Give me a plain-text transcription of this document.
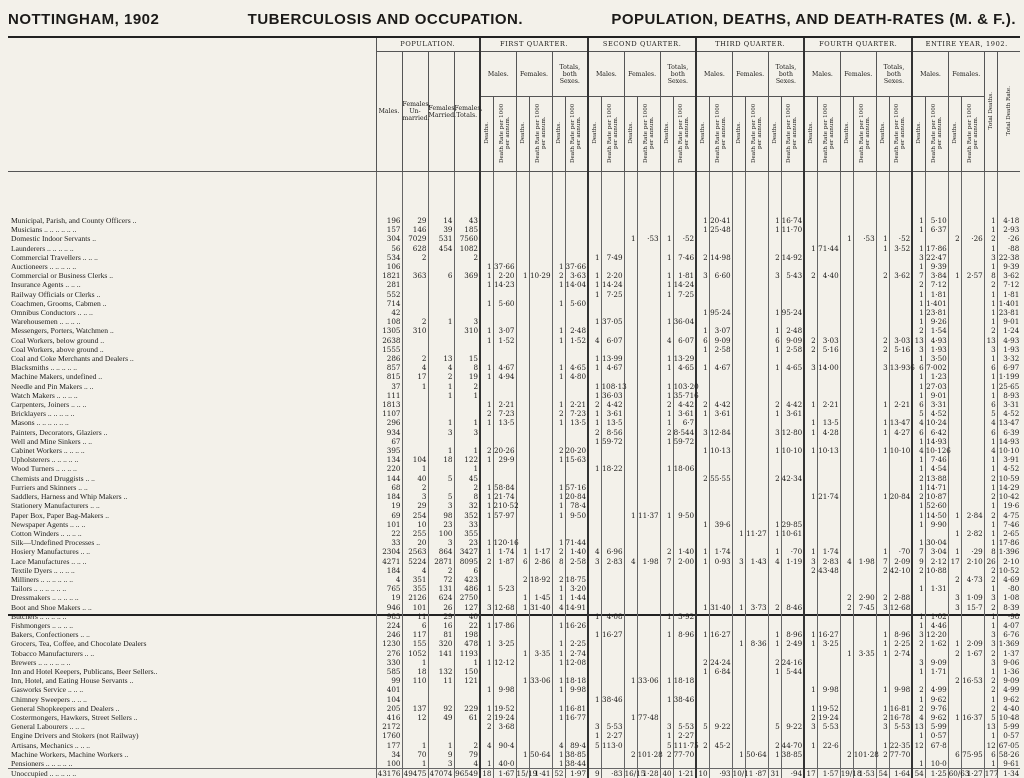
NOTTINGHAM, 1902	TUBERCULOSIS AND OCCUPATION.	POPULATION, DEATHS, AND DEATH-RATES (M. & F.).
	POPULATION.				FIRST QUARTER.						SECOND QUARTER.						THIRD QUARTER.						FOURTH QUARTER.						ENTIRE YEAR, 1902.					
	Males.	Females, Un-married.	Females, Married.	Females, Totals.	Males.		Females.		Totals, both Sexes.		Males.		Females.		Totals, both Sexes.		Males.		Females.		Totals, both Sexes.		Males.		Females.		Totals, both Sexes.		Males.		Females.		Total Deaths.	Total Death Rate.
					Deaths.	Death Rate per 1000 per annum.	Deaths.	Death Rate per 1000 per annum.	Deaths.	Death Rate per 1000 per annum.	Deaths.	Death Rate per 1000 per annum.	Deaths.	Death Rate per 1000 per annum.	Deaths.	Death Rate per 1000 per annum.	Deaths.	Death Rate per 1000 per annum.	Deaths.	Death Rate per 1000 per annum.	Deaths.	Death Rate per 1000 per annum.	Deaths.	Death Rate per 1000 per annum.	Deaths.	Death Rate per 1000 per annum.	Deaths.	Death Rate per 1000 per annum.	Deaths.	Death Rate per 1000 per annum.	Deaths.	Death Rate per 1000 per annum.		
Municipal, Parish, and County Officers ..	196	29	14	43													1	20·41			1	16·74							1	5·10			1	4·18
Musicians .. .. .. .. .. ..	157	146	39	185													1	25·48			1	11·70							1	6·37			1	2·93
Domestic Indoor Servants ..	304	7029	531	7560									1	·53	1	·52									1	·53	1	·52			2	·26	2	·26
Launderers .. .. .. .. ..	56	628	454	1082																			1	71·44			1	3·52	1	17·86			1	·88
Commercial Travellers .. .. ..	534	2		2							1	7·49			1	7·46	2	14·98			2	14·92							3	22·47			3	22·38
Auctioneers .. .. .. .. ..	106				1	37·66			1	37·66																			1	9·39			1	9·39
Commercial or Business Clerks ..	1821	363	6	369	1	2·20	1	10·29	2	3·63	1	2·20			1	1·81	3	6·60			3	5·43	2	4·40			2	3·62	7	3·84	1	2·57	8	3·62
Insurance Agents .. .. ..	281				1	14·23			1	14·04	1	14·24			1	14·24													2	7·12			2	7·12
Railway Officials or Clerks ..	552										1	7·25			1	7·25													1	1·81			1	1·81
Coachmen, Grooms, Cabmen ..	714				1	5·60			1	5·60																			1	1·401			1	1·401
Omnibus Conductors .. .. ..	42																1	95·24			1	95·24							1	23·81			1	23·81
Warehousemen .. .. .. ..	108	2	1	3							1	37·05			1	36·04													1	9·26			1	9·01
Messengers, Porters, Watchmen ..	1305	310		310	1	3·07			1	2·48							1	3·07			1	2·48							2	1·54			2	1·24
Coal Workers, below ground ..	2638				1	1·52			1	1·52	4	6·07			4	6·07	6	9·09			6	9·09	2	3·03			2	3·03	13	4·93			13	4·93
Coal Workers, above ground ..	1555																1	2·58			1	2·58	2	5·16			2	5·16	3	1·93			3	1·93
Coal and Coke Merchants and Dealers ..	286	2	13	15							1	13·99			1	13·29													1	3·50			1	3·32
Blacksmiths .. .. .. .. ..	857	4	4	8	1	4·67			1	4·65	1	4·67			1	4·65	1	4·67			1	4·65	3	14·00			3	13·936	6	7·002			6	6·97
Machine Makers, undefined ..	815	17	2	19	1	4·94			1	4·80																			1	1·23			1	1·199
Needle and Pin Makers .. ..	37	1	1	2							1	108·13			1	103·20													1	27·03			1	25·65
Watch Makers .. .. .. ..	111		1	1							1	36·03			1	35·716													1	9·01			1	8·93
Carpenters, Joiners .. .. ..	1813				1	2·21			1	2·21	2	4·42			2	4·42	2	4·42			2	4·42	1	2·21			1	2·21	6	3·31			6	3·31
Bricklayers .. .. .. .. ..	1107				2	7·23			2	7·23	1	3·61			1	3·61	1	3·61			1	3·61							5	4·52			5	4·52
Masons .. .. .. .. .. ..	296		1	1	1	13·5			1	13·5	1	13·5			1	6·7							1	13·5			1	13·47	4	10·24			4	13·47
Painters, Decorators, Glaziers ..	934		3	3							2	8·56			2	8·544	3	12·84			3	12·80	1	4·28			1	4·27	6	6·42			6	6·39
Well and Mine Sinkers .. ..	67										1	59·72			1	59·72													1	14·93			1	14·93
Cabinet Workers .. .. .. ..	395		1	1	2	20·26			2	20·20							1	10·13			1	10·10	1	10·13			1	10·10	4	10·126			4	10·10
Upholsterers .. .. .. .. ..	134	104	18	122	1	29·9			1	15·63																			1	7·46			1	3·91
Wood Turners .. .. .. ..	220	1		1							1	18·22			1	18·06													1	4·54			1	4·52
Chemists and Druggists .. ..	144	40	5	45													2	55·55			2	42·34							2	13·88			2	10·59
Furriers and Skinners .. ..	68	2		2	1	58·84			1	57·16																			1	14·71			1	14·29
Saddlers, Harness and Whip Makers ..	184	3	5	8	1	21·74			1	20·84													1	21·74			1	20·84	2	10·87			2	10·42
Stationery Manufacturers .. ..	19	29	3	32	1	210·52			1	78·4																			1	52·60			1	19·6
Paper Box, Paper Bag-Makers ..	69	254	98	352	1	57·97			1	9·50			1	11·37	1	9·50													1	14·50	1	2·84	2	4·75
Newspaper Agents .. .. ..	101	10	23	33													1	39·6			1	29·85							1	9·90			1	7·46
Cotton Winders .. .. .. ..	22	255	100	355															1	11·27	1	10·61									1	2·82	1	2·65
Silk—Undefined Processes ..	33	20	3	23	1	120·16			1	71·44																			1	30·04			1	17·86
Hosiery Manufactures .. ..	2304	2563	864	3427	1	1·74	1	1·17	2	1·40	4	6·96			2	1·40	1	1·74			1	·70	1	1·74			1	·70	7	3·04	1	·29	8	1·396
Lace Manufactures .. .. ..	4271	5224	2871	8095	2	1·87	6	2·86	8	2·58	3	2·83	4	1·98	7	2·00	1	0·93	3	1·43	4	1·19	3	2·83	4	1·98	7	2·09	9	2·12	17	2·10	26	2·10
Textile Dyers .. .. .. ..	184	4	2	6																			2	43·48			2	42·10	2	10·88			2	10·52
Milliners .. .. .. .. .. ..	4	351	72	423			2	18·92	2	18·75																					2	4·73	2	4·69
Tailors .. .. .. .. .. ..	765	355	131	486	1	5·23			1	3·20																			1	1·31			1	·80
Dressmakers .. .. .. .. ..	19	2126	624	2750			1	1·45	1	1·44															2	2·90	2	2·88			3	1·09	3	1·08
Boot and Shoe Makers .. ..	946	101	26	127	3	12·68	1	31·40	4	14·91							1	31·40	1	3·73	2	8·46			2	7·45	3	12·68			3	15·7	2	8·39
Butchers .. .. .. .. ..	983	11	29	40							1	4·08			1	3·92													1	1·02			1	·98
Fishmongers .. .. .. ..	224	6	16	22	1	17·86			1	16·26																			1	4·46			1	4·07
Bakers, Confectioners .. ..	246	117	81	198							1	16·27			1	8·96	1	16·27			1	8·96	1	16·27			1	8·96	3	12·20			3	6·76
Grocers, Tea, Coffee, and Chocolate Dealers	1230	155	320	478	1	3·25			1	2·25									1	8·36	1	2·49	1	3·25			1	2·25	2	1·62	1	2·09	3	1·369
Tobacco Manufacturers .. ..	276	1052	141	1193			1	3·35	1	2·74															1	3·35	1	2·74			2	1·67	2	1·37
Brewers .. .. .. .. .. ..	330	1		1	1	12·12			1	12·08							2	24·24			2	24·16							3	9·09			3	9·06
Inn and Hotel Keepers, Publicans, Beer Sellers..	585	18	132	150													1	6·84			1	5·44							1	1·71			1	1·36
Inn, Hotel, and Eating House Servants ..	99	110	11	121			1	33·06	1	18·18			1	33·06	1	18·18															2	16·53	2	9·09
Gasworks Service .. .. ..	401				1	9·98			1	9·98													1	9·98			1	9·98	2	4·99			2	4·99
Chimney Sweepers .. .. ..	104										1	38·46			1	38·46													1	9·62			1	9·62
General Shopkeepers and Dealers ..	205	137	92	229	1	19·52			1	16·81													1	19·52			1	16·81	2	9·76			2	4·40
Costermongers, Hawkers, Street Sellers ..	416	12	49	61	2	19·24			1	16·77			1	77·48									2	19·24			2	16·78	4	9·62	1	16·37	5	10·48
General Labourers .. .. ..	2172				2	3·68					3	5·53			3	5·53	5	9·22			5	9·22	3	5·53			3	5·53	13	5·99			13	5·99
Engine Drivers and Stokers (not Railway)	1760										1	2·27			1	2·27													1	0·57			1	0·57
Artisans, Mechanics .. .. ..	177	1	1	2	4	90·4			4	89·4	5	113·0			5	111·75	2	45·2			2	44·70	1	22·6			1	22·35	12	67·8			12	67·05
Machine Workers, Machine Workers ..	34	70	9	79			1	50·64	1	38·85			2	101·28	2	77·70			1	50·64	1	38·85			2	101·28	2	77·70			6	75·95	6	58·26
Pensioners .. .. .. .. ..	100	1	3	4	1	40·0			1	38·44																			1	10·0			1	9·61
Unoccupied .. .. .. .. ..	43176	49475	47074	96549	18	1·67	15/19	1·41	52	1·97	9	·83	16/15	1·28	40	1·21	10	·93	10/11	·87	31	·94	17	1·57	19/18	1·53	54	1·64	54	1·25	60/63	1·27	177	1·34
